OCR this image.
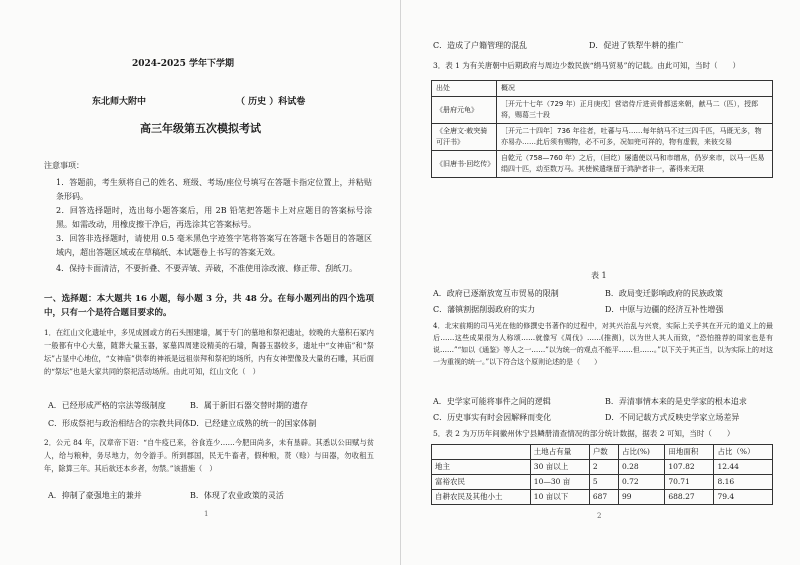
2024-2025 学年下学期
东北师大附中	（ 历史 ）科试卷
高三年级第五次模拟考试
注意事项：
1．答题前，考生须将自己的姓名、班级、考场/座位号填写在答题卡指定位置上，并粘贴条形码。
2．回答选择题时，选出每小题答案后，用 2B 铅笔把答题卡上对应题目的答案标号涂黑。如需改动，用橡皮擦干净后，再选涂其它答案标号。
3．回答非选择题时，请使用 0.5 毫米黑色字迹签字笔将答案写在答题卡各题目的答题区域内，超出答题区域或在草稿纸、本试题卷上书写的答案无效。
4．保持卡面清洁，不要折叠、不要弄皱、弄破，不准使用涂改液、修正带、刮纸刀。
一、选择题：本大题共 16 小题，每小题 3 分，共 48 分。在每小题列出的四个选项中，只有一个是符合题目要求的。
1．在红山文化遗址中，多见成圆或方的石头围建墙，属于专门的墓地和祭祀遗址，较晚的大墓积石冢内一般都有中心大墓，随葬大量玉器，冢墓四周建设精美的石墙，陶器玉器较多，遗址中“女神庙”和“祭坛”占显中心地位，“女神庙”供奉的神祇是远祖崇拜和祭祀的场所，内有女神塑像及大量的石雕，其后面的“祭坛”也是大家共同的祭祀活动场所。由此可知，红山文化（　）
A．已经形成严格的宗法等级制度	B．属于新旧石器交替时期的遗存
C．形成祭祀与政治相结合的宗教共同体 D．已经建立成熟的统一的国家体制
2．公元 84 年，汉章帝下诏：“自牛疫已来，谷食连少……今肥田尚多，未有垦辟。其悉以公田赋与贫人，给与粮种，务尽地力，勿令游手。所到郡国，民无牛畜者，假种粮，贳（赊）与田器，勿收租五年，除算三年。其后欲还本乡者，勿禁。”该措施（　）
A．抑制了豪强地主的兼并	B．体现了农业政策的灵活
1
C．造成了户籍管理的混乱	D．促进了铁犁牛耕的推广
3．表 1 为有关唐朝中后期政府与周边少数民族“绢马贸易”的记载。由此可知，当时（　　）
出处	概况
《册府元龟》	［开元十七年（729 年）正月庚戌］营谙侍斤进贡骨都送来朝，献马二（匹），授郎将，赐葛三十段
《全唐文·敕突骑可汗书》	［开元二十四年］736 年往者，吐蕃与马……每年纳马不过三四千匹，马既无多，物亦易办……此后须有赐物，必不可多，况如兜可祥的，物有虚假，来彼交易
《旧唐书·回纥传》	自乾元（758—760 年）之后，（回纥）屡遣使以马和市缯帛，仍岁来市，以马一匹易绢四十匹，动至数万马。其使候遣继留于鸿胪者非一，蕃得来无限
表 1
A．政府已逐渐放宽互市贸易的限制	B．政局变迁影响政府的民族政策
C．藩镇割据削弱政府的实力	D．中原与边疆的经济互补性增强
4．北宋前期的司马光在他的修撰史书著作的过程中，对其兴治乱与兴衰，实际上关乎其在开元的道义上的最后……这些成果很为人称颂……就像写《周伐》……(推测)，以为世人其人而致，“恐怕推荐的周家也是有说……”“如以《通鉴》等人之一……”以为统一的观点不能平……但……。”以下关于其正当，以为实际上的对这一为重视的统一。”以下符合这个原则论述的是（　　）
A．史学家可能将事件之间的逻辑	B．弄清事情本来的是史学家的根本追求
C．历史事实有时会因解释而变化	D．不同记载方式反映史学家立场差异
5．表 2 为万历年间徽州休宁县鳞册清查情况的部分统计数据，据表 2 可知，当时（　　）
	土地占有量	户数	占比(%)	田地面积	占比（%）
地主	30 亩以上	2	0.28	107.82	12.44
富裕农民	10—30 亩	5	0.72	70.71	8.16
自耕农民及其他小土	10 亩以下	687	99	688.27	79.4
2
